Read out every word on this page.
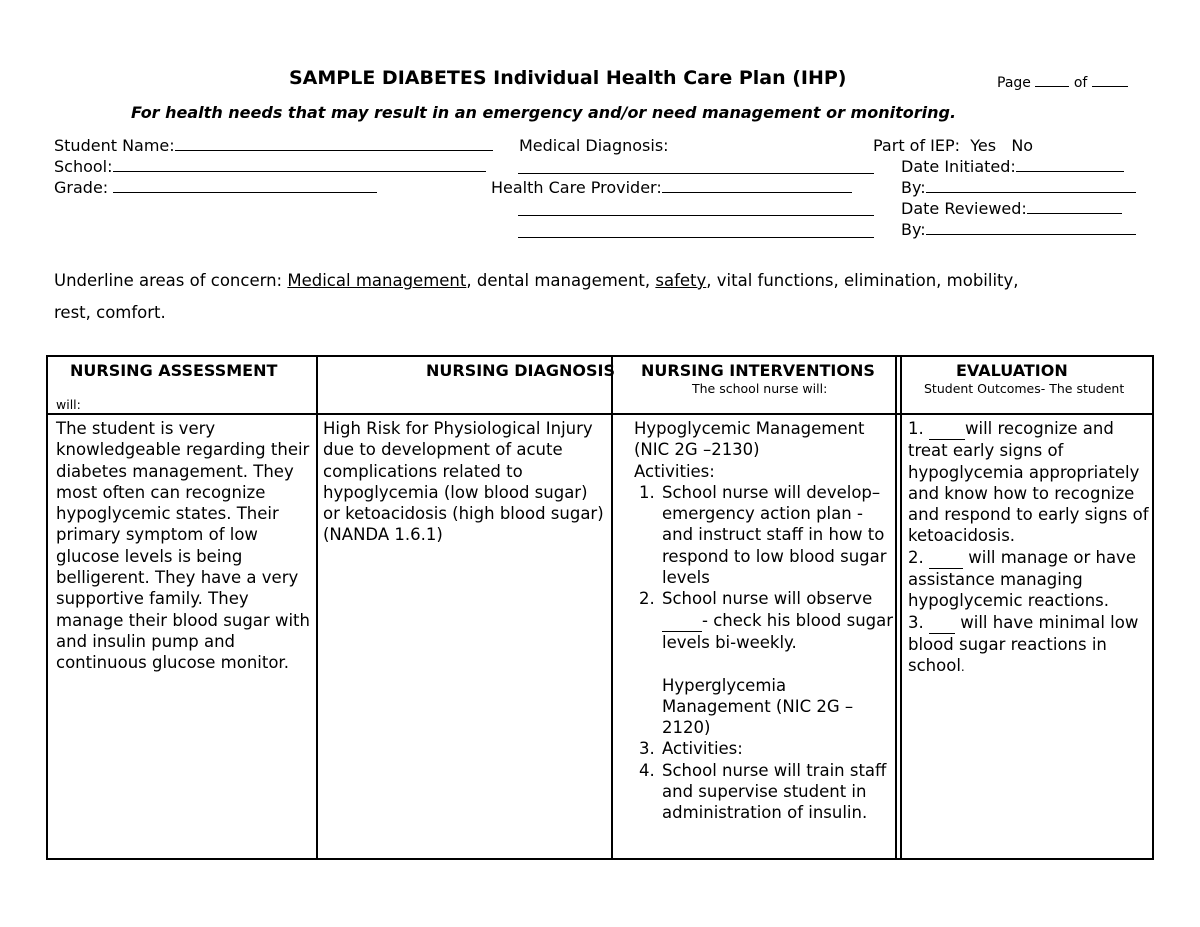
SAMPLE DIABETES Individual Health Care Plan (IHP)	Page	of
For health needs that may result in an emergency and/or need management or monitoring.
Student Name:
School:
Grade:
Medical Diagnosis:
Health Care Provider:
Part of IEP: Yes No
Date Initiated:
By:
Date Reviewed:
By:
Underline areas of concern: Medical management, dental management, safety, vital functions, elimination, mobility,
rest, comfort.
NURSING ASSESSMENT
will:
NURSING DIAGNOSIS NURSING INTERVENTIONS
The school nurse will:
EVALUATION
Student Outcomes- The student
The student is very knowledgeable regarding their diabetes management. They most often can recognize hypoglycemic states. Their primary symptom of low glucose levels is being belligerent. They have a very supportive family. They manage their blood sugar with and insulin pump and continuous glucose monitor.
High Risk for Physiological Injury due to development of acute complications related to hypoglycemia (low blood sugar) or ketoacidosis (high blood sugar) (NANDA 1.6.1)
Hypoglycemic Management
(NIC 2G –2130)
Activities:
1. School nurse will develop– emergency action plan - and instruct staff in how to respond to low blood sugar levels
2. School nurse will observe  - check his blood sugar levels bi-weekly.

Hyperglycemia Management (NIC 2G – 2120)
3. Activities:
4. School nurse will train staff and supervise student in administration of insulin.
1.  will recognize and treat early signs of hypoglycemia appropriately and know how to recognize and respond to early signs of ketoacidosis.
2.   will manage or have assistance managing hypoglycemic reactions.
3.   will have minimal low blood sugar reactions in school.
